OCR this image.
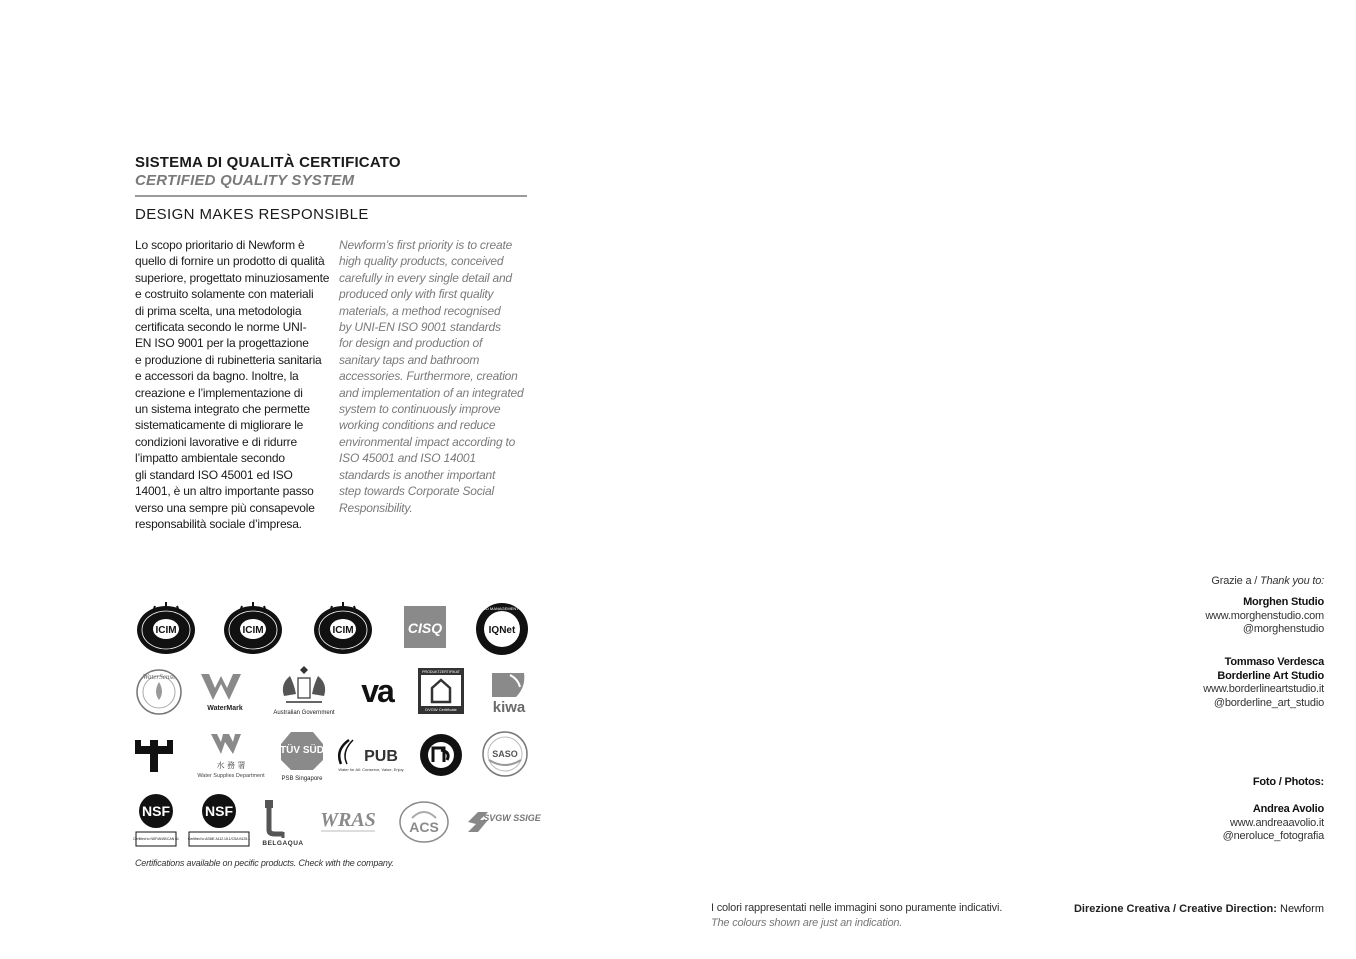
SISTEMA DI QUALITÀ CERTIFICATO
CERTIFIED QUALITY SYSTEM
DESIGN MAKES RESPONSIBLE
Lo scopo prioritario di Newform è
quello di fornire un prodotto di qualità
superiore, progettato minuziosamente
e costruito solamente con materiali
di prima scelta, una metodologia
certificata secondo le norme UNI-
EN ISO 9001 per la progettazione
e produzione di rubinetteria sanitaria
e accessori da bagno. Inoltre, la
creazione e l’implementazione di
un sistema integrato che permette
sistematicamente di migliorare le
condizioni lavorative e di ridurre
l’impatto ambientale secondo
gli standard ISO 45001 ed ISO
14001, è un altro importante passo
verso una sempre più consapevole
responsabilità sociale d’impresa.
Newform’s first priority is to create
high quality products, conceived
carefully in every single detail and
produced only with first quality
materials, a method recognised
by UNI-EN ISO 9001 standards
for design and production of
sanitary taps and bathroom
accessories. Furthermore, creation
and implementation of an integrated
system to continuously improve
working conditions and reduce
environmental impact according to
ISO 45001 and ISO 14001
standards is another important
step towards Corporate Social
Responsibility.
ICIM	ICIM	ICIM	CISQ	IQNet
CERTIFIED MANAGEMENT SYSTEM
WaterSense
WaterMark
Australian Government
va
PRODUKTZERTIFIKAT
DVGW Certificate kiwa
水 務 署
Water Supplies Department
TÜV SÜD
PSB Singapore
PUB
Water for All: Conserve, Value, Enjoy
SASO
NSF
Certified to NSF/ANSI/CAN 61
NSF
Certified to ASME A112.18.1/CSA B125.1
BELGAQUA
WRAS ACS
SVGW SSIGE
Certifications available on pecific products. Check with the company.
Grazie a / Thank you to:
Morghen Studio
www.morghenstudio.com
@morghenstudio
Tommaso Verdesca
Borderline Art Studio
www.borderlineartstudio.it
@borderline_art_studio
Foto / Photos:
Andrea Avolio
www.andreaavolio.it
@neroluce_fotografia
I colori rappresentati nelle immagini sono puramente indicativi.
The colours shown are just an indication.
Direzione Creativa / Creative Direction: Newform
